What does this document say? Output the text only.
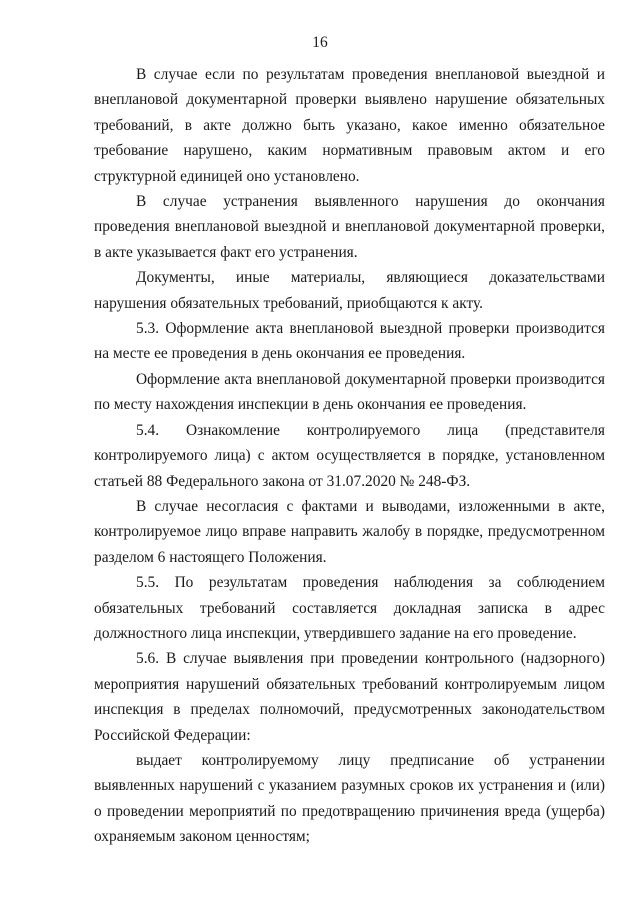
16

В случае если по результатам проведения внеплановой выездной и внеплановой документарной проверки выявлено нарушение обязательных требований, в акте должно быть указано, какое именно обязательное требование нарушено, каким нормативным правовым актом и его структурной единицей оно установлено.

В случае устранения выявленного нарушения до окончания проведения внеплановой выездной и внеплановой документарной проверки, в акте указывается факт его устранения.

Документы, иные материалы, являющиеся доказательствами нарушения обязательных требований, приобщаются к акту.

5.3. Оформление акта внеплановой выездной проверки производится на месте ее проведения в день окончания ее проведения.

Оформление акта внеплановой документарной проверки производится по месту нахождения инспекции в день окончания ее проведения.

5.4. Ознакомление контролируемого лица (представителя контролируемого лица) с актом осуществляется в порядке, установленном статьей 88 Федерального закона от 31.07.2020 № 248-ФЗ.

В случае несогласия с фактами и выводами, изложенными в акте, контролируемое лицо вправе направить жалобу в порядке, предусмотренном разделом 6 настоящего Положения.

5.5. По результатам проведения наблюдения за соблюдением обязательных требований составляется докладная записка в адрес должностного лица инспекции, утвердившего задание на его проведение.

5.6. В случае выявления при проведении контрольного (надзорного) мероприятия нарушений обязательных требований контролируемым лицом инспекция в пределах полномочий, предусмотренных законодательством Российской Федерации:

выдает контролируемому лицу предписание об устранении выявленных нарушений с указанием разумных сроков их устранения и (или) о проведении мероприятий по предотвращению причинения вреда (ущерба) охраняемым законом ценностям;
